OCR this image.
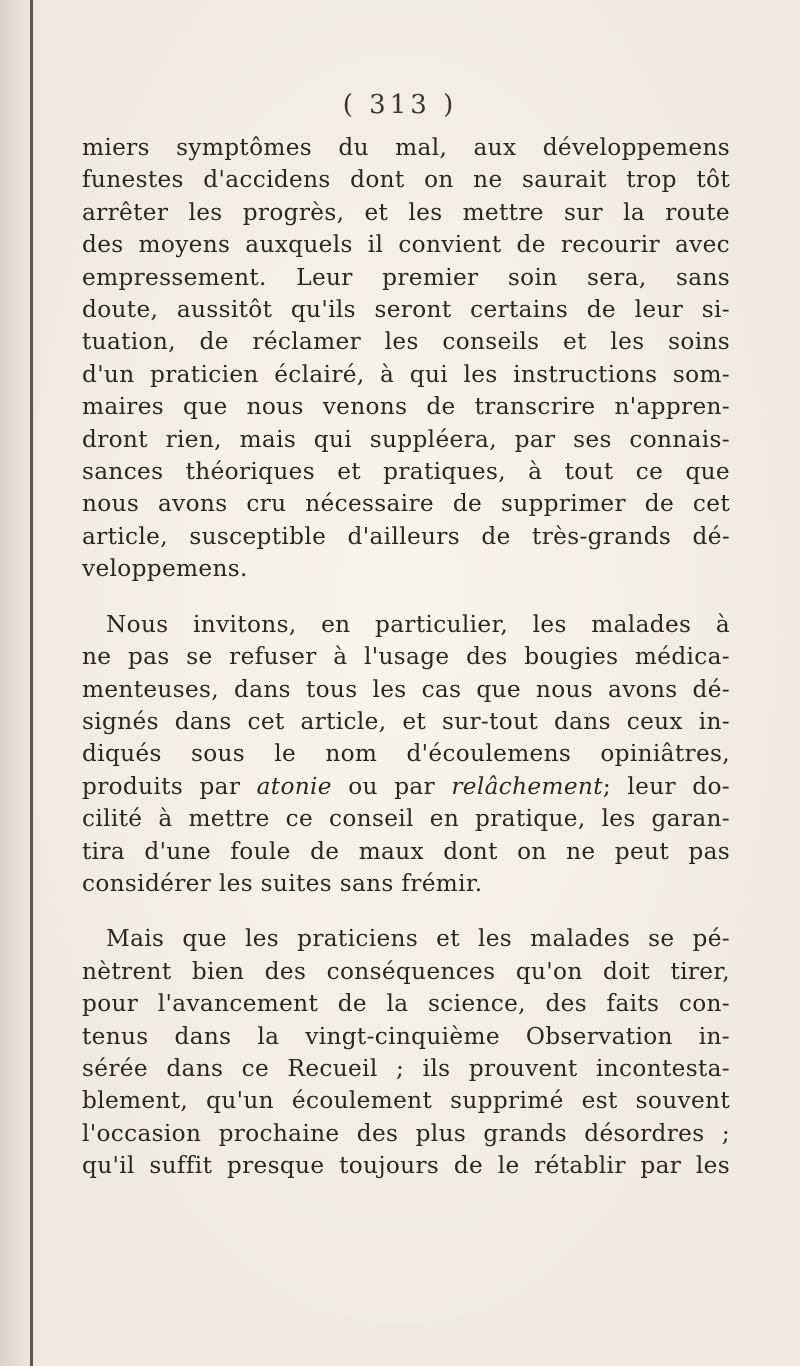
( 313 )
miers symptômes du mal, aux développemens
funestes d'accidens dont on ne saurait trop tôt
arrêter les progrès, et les mettre sur la route
des moyens auxquels il convient de recourir avec
empressement. Leur premier soin sera, sans
doute, aussitôt qu'ils seront certains de leur si-
tuation, de réclamer les conseils et les soins
d'un praticien éclairé, à qui les instructions som-
maires que nous venons de transcrire n'appren-
dront rien, mais qui suppléera, par ses connais-
sances théoriques et pratiques, à tout ce que
nous avons cru nécessaire de supprimer de cet
article, susceptible d'ailleurs de très-grands dé-
veloppemens.
Nous invitons, en particulier, les malades à
ne pas se refuser à l'usage des bougies médica-
menteuses, dans tous les cas que nous avons dé-
signés dans cet article, et sur-tout dans ceux in-
diqués sous le nom d'écoulemens opiniâtres,
produits par atonie ou par relâchement; leur do-
cilité à mettre ce conseil en pratique, les garan-
tira d'une foule de maux dont on ne peut pas
considérer les suites sans frémir.
Mais que les praticiens et les malades se pé-
nètrent bien des conséquences qu'on doit tirer,
pour l'avancement de la science, des faits con-
tenus dans la vingt-cinquième Observation in-
sérée dans ce Recueil ; ils prouvent incontesta-
blement, qu'un écoulement supprimé est souvent
l'occasion prochaine des plus grands désordres ;
qu'il suffit presque toujours de le rétablir par les
